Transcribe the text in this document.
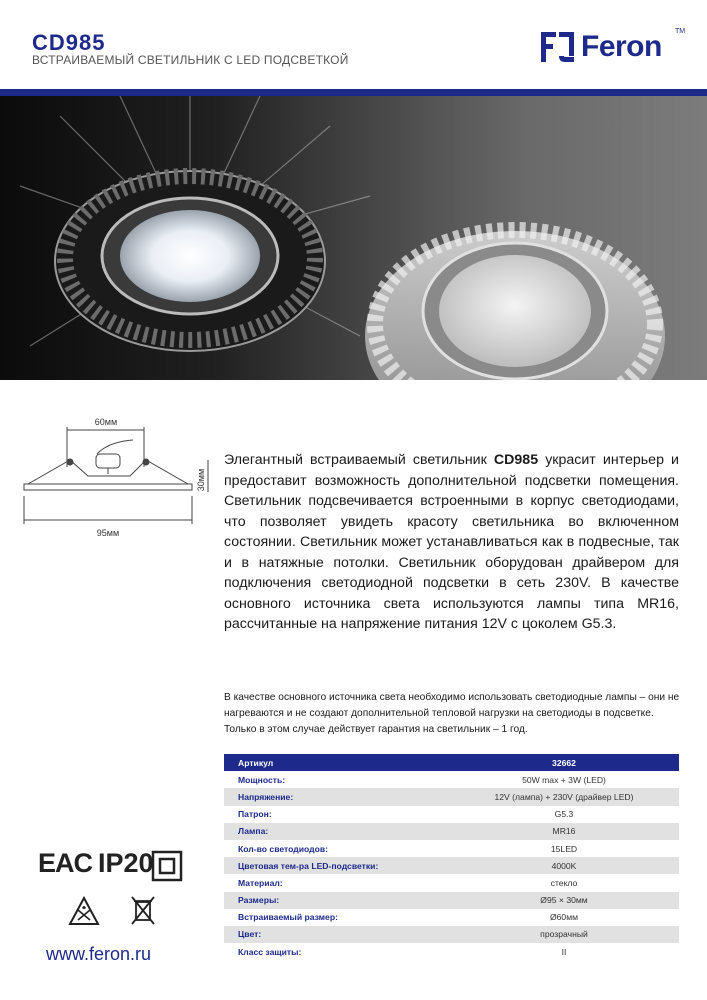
CD985
ВСТРАИВАЕМЫЙ СВЕТИЛЬНИК С LED ПОДСВЕТКОЙ	Feron TM
60мм
30мм
95мм
Элегантный встраиваемый светильник CD985 украсит интерьер и предоставит возможность дополнительной подсветки помещения. Светильник подсвечивается встроенными в корпус светодиодами, что позволяет увидеть красоту светильника во включенном состоянии. Светильник может устанавливаться как в подвесные, так и в натяжные потолки. Светильник оборудован драйвером для подключения светодиодной подсветки в сеть 230V. В качестве основного источника света используются лампы типа MR16, рассчитанные на напряжение питания 12V с цоколем G5.3.
В качестве основного источника света необходимо использовать светодиодные лампы – они не нагреваются и не создают дополнительной тепловой нагрузки на светодиоды в подсветке. Только в этом случае действует гарантия на светильник – 1 год.
Артикул	32662
Мощность:	50W max + 3W (LED)
Напряжение:	12V (лампа) + 230V (драйвер LED)
Патрон:	G5.3
Лампа:	MR16
Кол-во светодиодов:	15LED
Цветовая тем-ра LED-подсветки:	4000K
Материал:	стекло
Размеры:	Ø95 × 30мм
Встраиваемый размер:	Ø60мм
Цвет:	прозрачный
Класс защиты:	II
EAC IP20
www.feron.ru
